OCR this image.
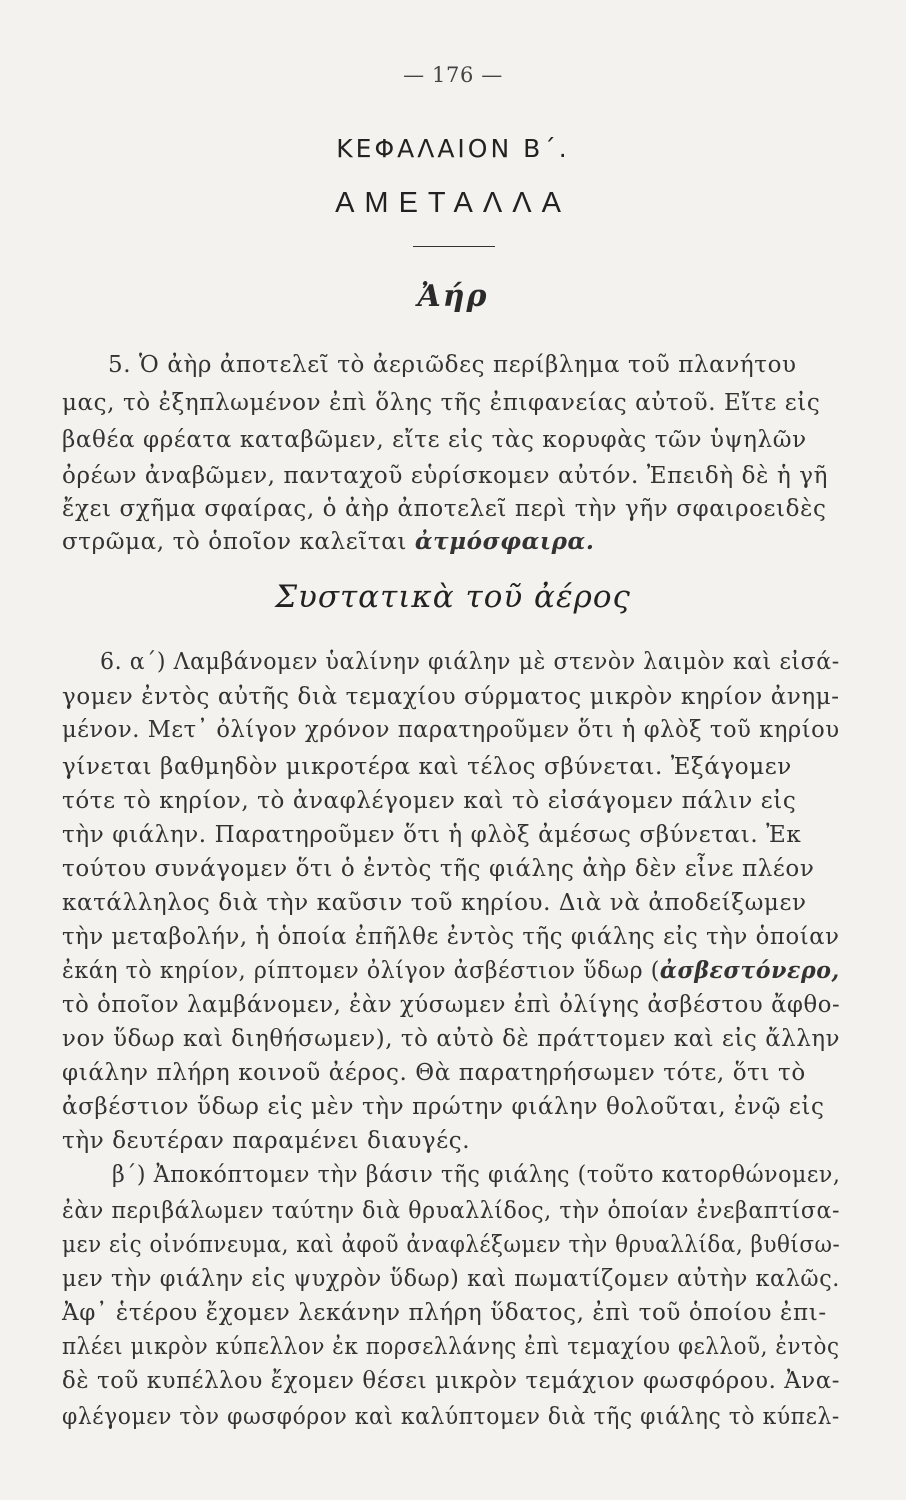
— 176 —
ΚΕΦΑΛΑΙΟΝ Β΄.
ΑΜΕΤΑΛΛΑ
Ἀήρ
5. Ὁ ἀὴρ ἀποτελεῖ τὸ ἀεριῶδες περίβλημα τοῦ πλανήτου
μας, τὸ ἐξηπλωμένον ἐπὶ ὅλης τῆς ἐπιφανείας αὐτοῦ. Εἴτε εἰς
βαθέα φρέατα καταβῶμεν, εἴτε εἰς τὰς κορυφὰς τῶν ὑψηλῶν
ὀρέων ἀναβῶμεν, πανταχοῦ εὑρίσκομεν αὐτόν. Ἐπειδὴ δὲ ἡ γῆ
ἔχει σχῆμα σφαίρας, ὁ ἀὴρ ἀποτελεῖ περὶ τὴν γῆν σφαιροειδὲς
στρῶμα, τὸ ὁποῖον καλεῖται ἀτμόσφαιρα.
Συστατικὰ τοῦ ἀέρος
6. α΄) Λαμβάνομεν ὑαλίνην φιάλην μὲ στενὸν λαιμὸν καὶ εἰσά-
γομεν ἐντὸς αὐτῆς διὰ τεμαχίου σύρματος μικρὸν κηρίον ἀνημ-
μένον. Μετ᾽ ὀλίγον χρόνον παρατηροῦμεν ὅτι ἡ φλὸξ τοῦ κηρίου
γίνεται βαθμηδὸν μικροτέρα καὶ τέλος σβύνεται. Ἐξάγομεν
τότε τὸ κηρίον, τὸ ἀναφλέγομεν καὶ τὸ εἰσάγομεν πάλιν εἰς
τὴν φιάλην. Παρατηροῦμεν ὅτι ἡ φλὸξ ἀμέσως σβύνεται. Ἐκ
τούτου συνάγομεν ὅτι ὁ ἐντὸς τῆς φιάλης ἀὴρ δὲν εἶνε πλέον
κατάλληλος διὰ τὴν καῦσιν τοῦ κηρίου. Διὰ νὰ ἀποδείξωμεν
τὴν μεταβολήν, ἡ ὁποία ἐπῆλθε ἐντὸς τῆς φιάλης εἰς τὴν ὁποίαν
ἐκάη τὸ κηρίον, ρίπτομεν ὀλίγον ἀσβέστιον ὕδωρ (ἀσβεστόνερο,
τὸ ὁποῖον λαμβάνομεν, ἐὰν χύσωμεν ἐπὶ ὀλίγης ἀσβέστου ἄφθο-
νον ὕδωρ καὶ διηθήσωμεν), τὸ αὐτὸ δὲ πράττομεν καὶ εἰς ἄλλην
φιάλην πλήρη κοινοῦ ἀέρος. Θὰ παρατηρήσωμεν τότε, ὅτι τὸ
ἀσβέστιον ὕδωρ εἰς μὲν τὴν πρώτην φιάλην θολοῦται, ἐνῷ εἰς
τὴν δευτέραν παραμένει διαυγές.
β΄) Ἀποκόπτομεν τὴν βάσιν τῆς φιάλης (τοῦτο κατορθώνομεν,
ἐὰν περιβάλωμεν ταύτην διὰ θρυαλλίδος, τὴν ὁποίαν ἐνεβαπτίσα-
μεν εἰς οἰνόπνευμα, καὶ ἀφοῦ ἀναφλέξωμεν τὴν θρυαλλίδα, βυθίσω-
μεν τὴν φιάλην εἰς ψυχρὸν ὕδωρ) καὶ πωματίζομεν αὐτὴν καλῶς.
Ἀφ᾽ ἑτέρου ἔχομεν λεκάνην πλήρη ὕδατος, ἐπὶ τοῦ ὁποίου ἐπι-
πλέει μικρὸν κύπελλον ἐκ πορσελλάνης ἐπὶ τεμαχίου φελλοῦ, ἐντὸς
δὲ τοῦ κυπέλλου ἔχομεν θέσει μικρὸν τεμάχιον φωσφόρου. Ἀνα-
φλέγομεν τὸν φωσφόρον καὶ καλύπτομεν διὰ τῆς φιάλης τὸ κύπελ-
